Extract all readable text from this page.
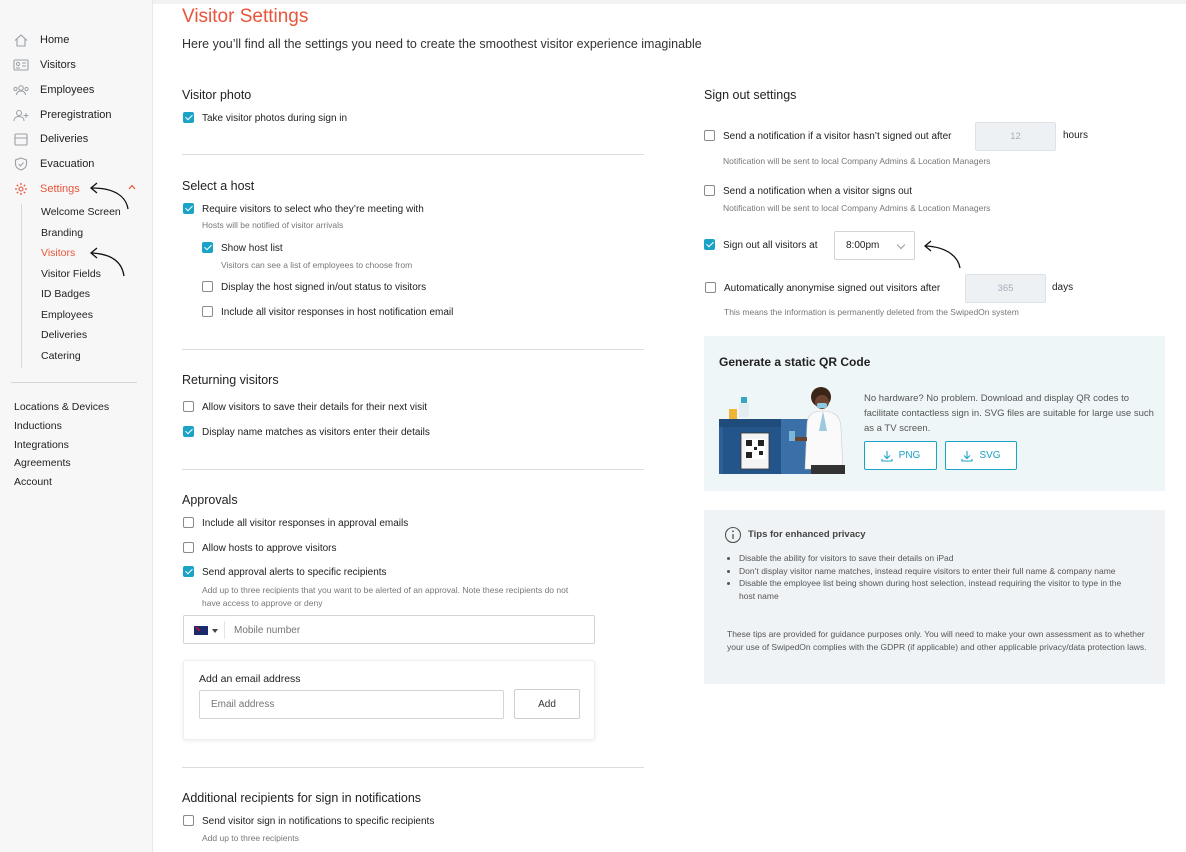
Home
Visitors
Employees
Preregistration
Deliveries
Evacuation
Settings
Welcome Screen
Branding
Visitors
Visitor Fields
ID Badges
Employees
Deliveries
Catering
Locations & Devices
Inductions
Integrations
Agreements
Account
Visitor Settings
Here you’ll find all the settings you need to create the smoothest visitor experience imaginable
Visitor photo
Take visitor photos during sign in
Select a host
Require visitors to select who they’re meeting with
Hosts will be notified of visitor arrivals
Show host list
Visitors can see a list of employees to choose from
Display the host signed in/out status to visitors
Include all visitor responses in host notification email
Returning visitors
Allow visitors to save their details for their next visit
Display name matches as visitors enter their details
Approvals
Include all visitor responses in approval emails
Allow hosts to approve visitors
Send approval alerts to specific recipients
Add up to three recipients that you want to be alerted of an approval. Note these recipients do not
have access to approve or deny
Mobile number
Add an email address
Email address
Add
Additional recipients for sign in notifications
Send visitor sign in notifications to specific recipients
Add up to three recipients
Sign out settings
Send a notification if a visitor hasn’t signed out after	12	hours
Notification will be sent to local Company Admins & Location Managers
Send a notification when a visitor signs out
Notification will be sent to local Company Admins & Location Managers
Sign out all visitors at	8:00pm
Automatically anonymise signed out visitors after	365	days
This means the information is permanently deleted from the SwipedOn system
Generate a static QR Code
No hardware? No problem. Download and display QR codes to facilitate contactless sign in. SVG files are suitable for large use such as a TV screen.
PNG	SVG
Tips for enhanced privacy
• Disable the ability for visitors to save their details on iPad
• Don’t display visitor name matches, instead require visitors to enter their full name & company name
• Disable the employee list being shown during host selection, instead requiring the visitor to type in the host name
These tips are provided for guidance purposes only. You will need to make your own assessment as to whether your use of SwipedOn complies with the GDPR (if applicable) and other applicable privacy/data protection laws.
